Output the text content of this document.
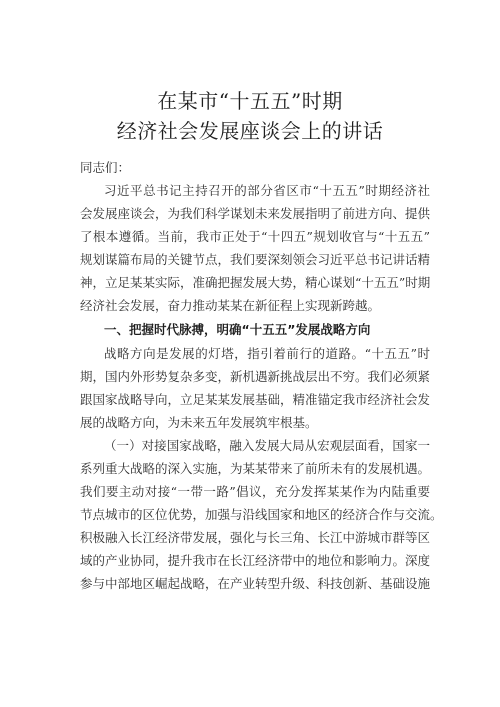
在某市“十五五”时期
经济社会发展座谈会上的讲话
同志们：
习近平总书记主持召开的部分省区市“十五五”时期经济社
会发展座谈会，为我们科学谋划未来发展指明了前进方向、提供
了根本遵循。当前，我市正处于“十四五”规划收官与“十五五”
规划谋篇布局的关键节点，我们要深刻领会习近平总书记讲话精
神，立足某某实际，准确把握发展大势，精心谋划“十五五”时期
经济社会发展，奋力推动某某在新征程上实现新跨越。
一、把握时代脉搏，明确“十五五”发展战略方向
战略方向是发展的灯塔，指引着前行的道路。“十五五”时
期，国内外形势复杂多变，新机遇新挑战层出不穷。我们必须紧
跟国家战略导向，立足某某发展基础，精准锚定我市经济社会发
展的战略方向，为未来五年发展筑牢根基。
（一）对接国家战略，融入发展大局从宏观层面看，国家一
系列重大战略的深入实施，为某某带来了前所未有的发展机遇。
我们要主动对接“一带一路”倡议，充分发挥某某作为内陆重要
节点城市的区位优势，加强与沿线国家和地区的经济合作与交流。
积极融入长江经济带发展，强化与长三角、长江中游城市群等区
域的产业协同，提升我市在长江经济带中的地位和影响力。深度
参与中部地区崛起战略，在产业转型升级、科技创新、基础设施
